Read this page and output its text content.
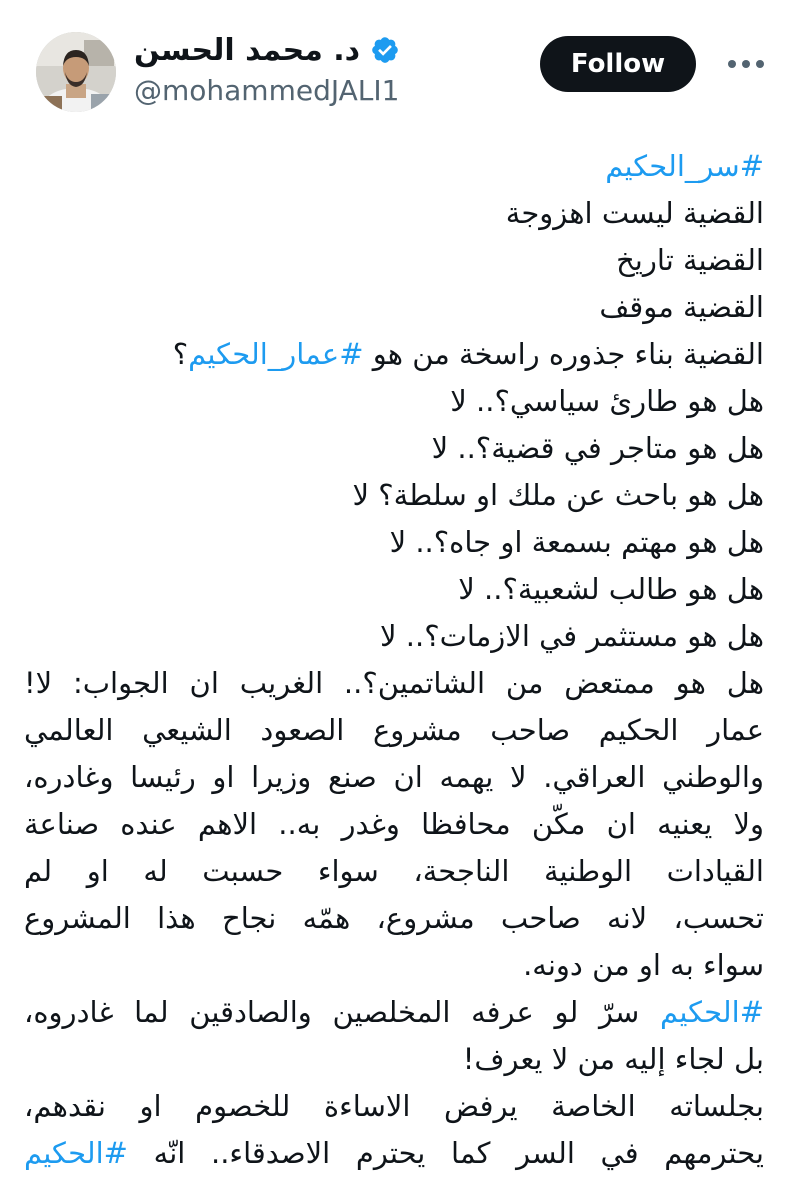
د. محمد الحسن
@mohammedJALI1
Follow
#سر_الحكيم
القضية ليست اهزوجة
القضية تاريخ
القضية موقف
القضية بناء جذوره راسخة من هو #عمار_الحكيم؟
هل هو طارئ سياسي؟.. لا
هل هو متاجر في قضية؟.. لا
هل هو باحث عن ملك او سلطة؟ لا
هل هو مهتم بسمعة او جاه؟.. لا
هل هو طالب لشعبية؟.. لا
هل هو مستثمر في الازمات؟.. لا
هل هو ممتعض من الشاتمين؟.. الغريب ان الجواب: لا!
عمار الحكيم صاحب مشروع الصعود الشيعي العالمي
والوطني العراقي. لا يهمه ان صنع وزيرا او رئيسا وغادره،
ولا يعنيه ان مكّن محافظا وغدر به.. الاهم عنده صناعة
القيادات الوطنية الناجحة، سواء حسبت له او لم
تحسب، لانه صاحب مشروع، همّه نجاح هذا المشروع
سواء به او من دونه.
#الحكيم سرّ لو عرفه المخلصين والصادقين لما غادروه،
بل لجاء إليه من لا يعرف!
بجلساته الخاصة يرفض الاساءة للخصوم او نقدهم،
يحترمهم في السر كما يحترم الاصدقاء.. انّه #الحكيم
